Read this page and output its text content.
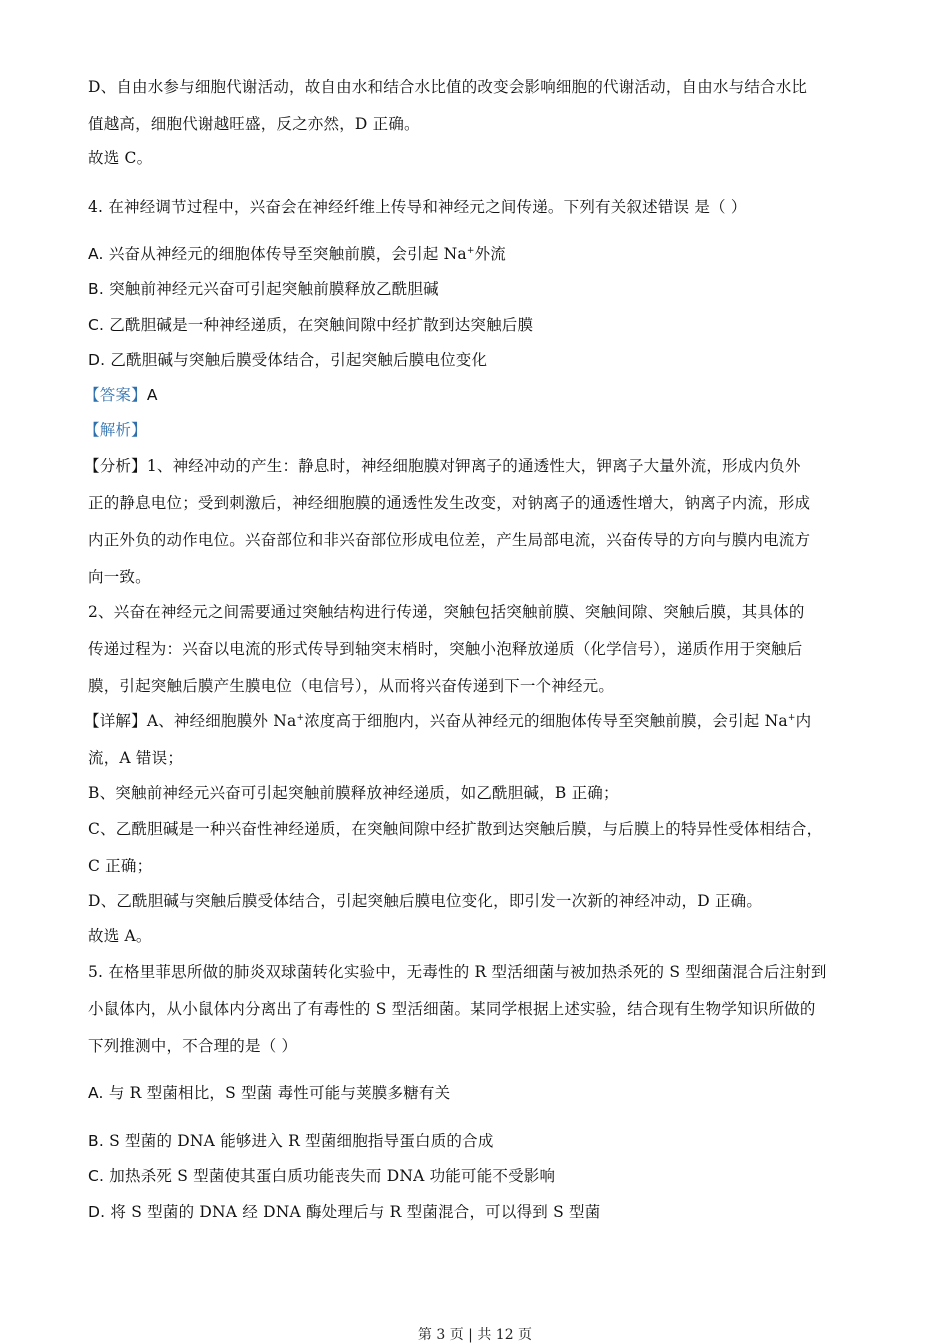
D、自由水参与细胞代谢活动，故自由水和结合水比值的改变会影响细胞的代谢活动，自由水与结合水比
值越高，细胞代谢越旺盛，反之亦然，D 正确。
故选 C。
4. 在神经调节过程中，兴奋会在神经纤维上传导和神经元之间传递。下列有关叙述错误 是（ ）
A. 兴奋从神经元的细胞体传导至突触前膜，会引起 Na+外流
B. 突触前神经元兴奋可引起突触前膜释放乙酰胆碱
C. 乙酰胆碱是一种神经递质，在突触间隙中经扩散到达突触后膜
D. 乙酰胆碱与突触后膜受体结合，引起突触后膜电位变化
【答案】A
【解析】
【分析】1、神经冲动的产生：静息时，神经细胞膜对钾离子的通透性大，钾离子大量外流，形成内负外
正的静息电位；受到刺激后，神经细胞膜的通透性发生改变，对钠离子的通透性增大，钠离子内流，形成
内正外负的动作电位。兴奋部位和非兴奋部位形成电位差，产生局部电流，兴奋传导的方向与膜内电流方
向一致。
2、兴奋在神经元之间需要通过突触结构进行传递，突触包括突触前膜、突触间隙、突触后膜，其具体的
传递过程为：兴奋以电流的形式传导到轴突末梢时，突触小泡释放递质（化学信号），递质作用于突触后
膜，引起突触后膜产生膜电位（电信号），从而将兴奋传递到下一个神经元。
【详解】A、神经细胞膜外 Na+浓度高于细胞内，兴奋从神经元的细胞体传导至突触前膜，会引起 Na+内
流，A 错误；
B、突触前神经元兴奋可引起突触前膜释放神经递质，如乙酰胆碱，B 正确；
C、乙酰胆碱是一种兴奋性神经递质，在突触间隙中经扩散到达突触后膜，与后膜上的特异性受体相结合，
C 正确；
D、乙酰胆碱与突触后膜受体结合，引起突触后膜电位变化，即引发一次新的神经冲动，D 正确。
故选 A。
5. 在格里菲思所做的肺炎双球菌转化实验中，无毒性的 R 型活细菌与被加热杀死的 S 型细菌混合后注射到
小鼠体内，从小鼠体内分离出了有毒性的 S 型活细菌。某同学根据上述实验，结合现有生物学知识所做的
下列推测中，不合理的是（ ）
A. 与 R 型菌相比，S 型菌 毒性可能与荚膜多糖有关
B. S 型菌的 DNA 能够进入 R 型菌细胞指导蛋白质的合成
C. 加热杀死 S 型菌使其蛋白质功能丧失而 DNA 功能可能不受影响
D. 将 S 型菌的 DNA 经 DNA 酶处理后与 R 型菌混合，可以得到 S 型菌
第 3 页 | 共 12 页
